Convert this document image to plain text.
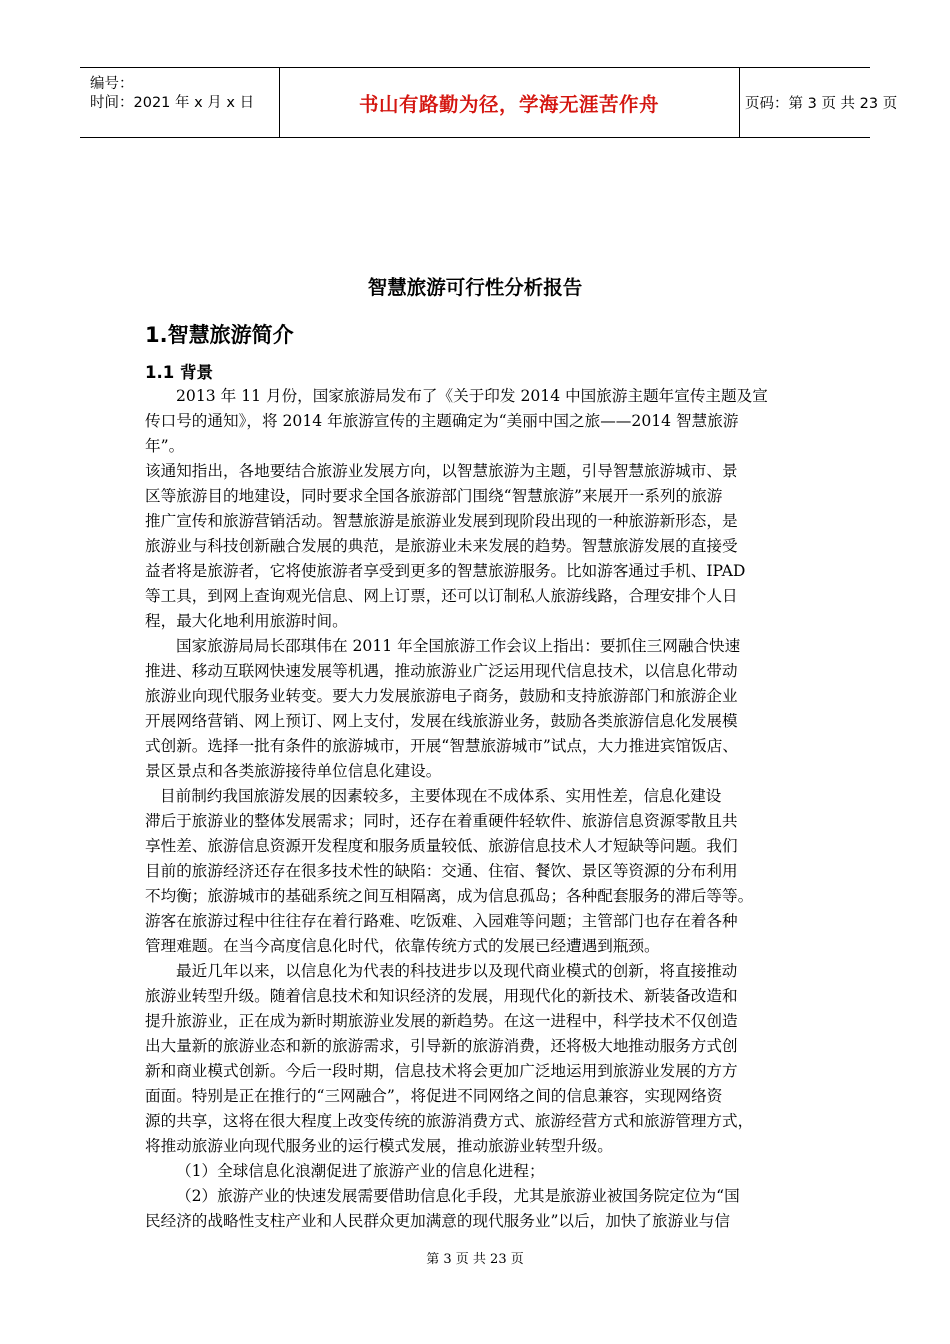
编号：
时间：2021 年 x 月 x 日	书山有路勤为径，学海无涯苦作舟	页码：第 3 页 共 23 页
智慧旅游可行性分析报告
1.智慧旅游简介
1.1 背景
2013 年 11 月份，国家旅游局发布了《关于印发 2014 中国旅游主题年宣传主题及宣
传口号的通知》，将 2014 年旅游宣传的主题确定为“美丽中国之旅——2014 智慧旅游
年”。
该通知指出，各地要结合旅游业发展方向，以智慧旅游为主题，引导智慧旅游城市、景
区等旅游目的地建设，同时要求全国各旅游部门围绕“智慧旅游”来展开一系列的旅游
推广宣传和旅游营销活动。智慧旅游是旅游业发展到现阶段出现的一种旅游新形态，是
旅游业与科技创新融合发展的典范，是旅游业未来发展的趋势。智慧旅游发展的直接受
益者将是旅游者，它将使旅游者享受到更多的智慧旅游服务。比如游客通过手机、IPAD
等工具，到网上查询观光信息、网上订票，还可以订制私人旅游线路，合理安排个人日
程，最大化地利用旅游时间。
国家旅游局局长邵琪伟在 2011 年全国旅游工作会议上指出：要抓住三网融合快速
推进、移动互联网快速发展等机遇，推动旅游业广泛运用现代信息技术，以信息化带动
旅游业向现代服务业转变。要大力发展旅游电子商务，鼓励和支持旅游部门和旅游企业
开展网络营销、网上预订、网上支付，发展在线旅游业务，鼓励各类旅游信息化发展模
式创新。选择一批有条件的旅游城市，开展“智慧旅游城市”试点，大力推进宾馆饭店、
景区景点和各类旅游接待单位信息化建设。
目前制约我国旅游发展的因素较多，主要体现在不成体系、实用性差，信息化建设
滞后于旅游业的整体发展需求；同时，还存在着重硬件轻软件、旅游信息资源零散且共
享性差、旅游信息资源开发程度和服务质量较低、旅游信息技术人才短缺等问题。我们
目前的旅游经济还存在很多技术性的缺陷：交通、住宿、餐饮、景区等资源的分布利用
不均衡；旅游城市的基础系统之间互相隔离，成为信息孤岛；各种配套服务的滞后等等。
游客在旅游过程中往往存在着行路难、吃饭难、入园难等问题；主管部门也存在着各种
管理难题。在当今高度信息化时代，依靠传统方式的发展已经遭遇到瓶颈。
最近几年以来，以信息化为代表的科技进步以及现代商业模式的创新，将直接推动
旅游业转型升级。随着信息技术和知识经济的发展，用现代化的新技术、新装备改造和
提升旅游业，正在成为新时期旅游业发展的新趋势。在这一进程中，科学技术不仅创造
出大量新的旅游业态和新的旅游需求，引导新的旅游消费，还将极大地推动服务方式创
新和商业模式创新。今后一段时期，信息技术将会更加广泛地运用到旅游业发展的方方
面面。特别是正在推行的“三网融合”，将促进不同网络之间的信息兼容，实现网络资
源的共享，这将在很大程度上改变传统的旅游消费方式、旅游经营方式和旅游管理方式，
将推动旅游业向现代服务业的运行模式发展，推动旅游业转型升级。
（1）全球信息化浪潮促进了旅游产业的信息化进程；
（2）旅游产业的快速发展需要借助信息化手段，尤其是旅游业被国务院定位为“国
民经济的战略性支柱产业和人民群众更加满意的现代服务业”以后，加快了旅游业与信
第 3 页 共 23 页
